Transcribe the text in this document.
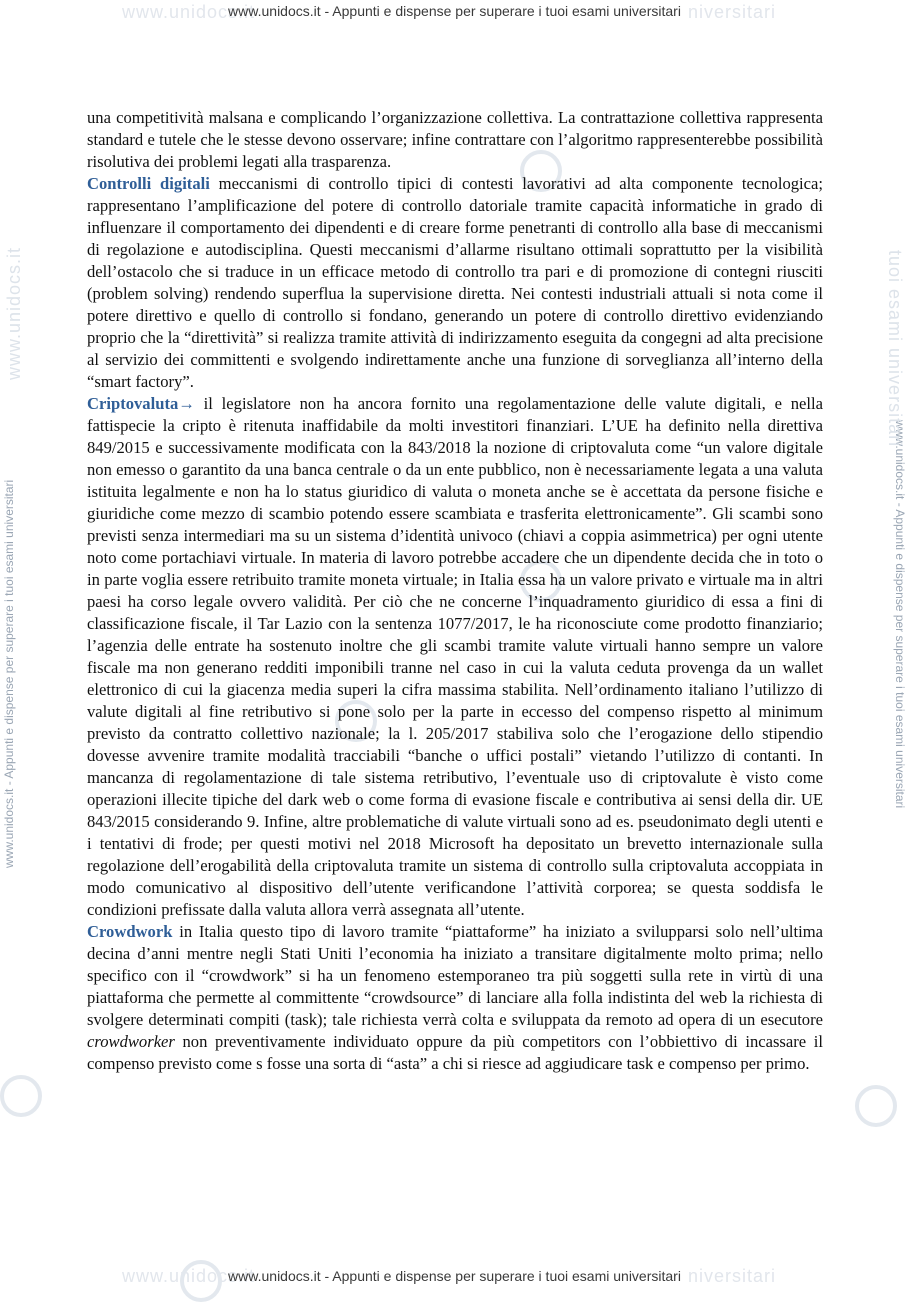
www.unidocs.it	niversitari
www.unidocs.it - Appunti e dispense per superare i tuoi esami universitari
www.unidocs.it	niversitari
www.unidocs.it - Appunti e dispense per superare i tuoi esami universitari
www.unidocs.it - Appunti e dispense per superare i tuoi esami universitari
www.unidocs.it
www.unidocs.it - Appunti e dispense per superare i tuoi esami universitari
tuoi esami universitari

una competitività malsana e complicando l’organizzazione collettiva. La contrattazione collettiva rappresenta standard e tutele che le stesse devono osservare; infine contrattare con l’algoritmo rappresenterebbe possibilità risolutiva dei problemi legati alla trasparenza.

Controlli digitali meccanismi di controllo tipici di contesti lavorativi ad alta componente tecnologica; rappresentano l’amplificazione del potere di controllo datoriale tramite capacità informatiche in grado di influenzare il comportamento dei dipendenti e di creare forme penetranti di controllo alla base di meccanismi di regolazione e autodisciplina. Questi meccanismi d’allarme risultano ottimali soprattutto per la visibilità dell’ostacolo che si traduce in un efficace metodo di controllo tra pari e di promozione di contegni riusciti (problem solving) rendendo superflua la supervisione diretta. Nei contesti industriali attuali si nota come il potere direttivo e quello di controllo si fondano, generando un potere di controllo direttivo evidenziando proprio che la “direttività” si realizza tramite attività di indirizzamento eseguita da congegni ad alta precisione al servizio dei committenti e svolgendo indirettamente anche una funzione di sorveglianza all’interno della “smart factory”.

Criptovaluta→ il legislatore non ha ancora fornito una regolamentazione delle valute digitali, e nella fattispecie la cripto è ritenuta inaffidabile da molti investitori finanziari. L’UE ha definito nella direttiva 849/2015 e successivamente modificata con la 843/2018 la nozione di criptovaluta come “un valore digitale non emesso o garantito da una banca centrale o da un ente pubblico, non è necessariamente legata a una valuta istituita legalmente e non ha lo status giuridico di valuta o moneta anche se è accettata da persone fisiche e giuridiche come mezzo di scambio potendo essere scambiata e trasferita elettronicamente”. Gli scambi sono previsti senza intermediari ma su un sistema d’identità univoco (chiavi a coppia asimmetrica) per ogni utente noto come portachiavi virtuale. In materia di lavoro potrebbe accadere che un dipendente decida che in toto o in parte voglia essere retribuito tramite moneta virtuale; in Italia essa ha un valore privato e virtuale ma in altri paesi ha corso legale ovvero validità. Per ciò che ne concerne l’inquadramento giuridico di essa a fini di classificazione fiscale, il Tar Lazio con la sentenza 1077/2017, le ha riconosciute come prodotto finanziario; l’agenzia delle entrate ha sostenuto inoltre che gli scambi tramite valute virtuali hanno sempre un valore fiscale ma non generano redditi imponibili tranne nel caso in cui la valuta ceduta provenga da un wallet elettronico di cui la giacenza media superi la cifra massima stabilita. Nell’ordinamento italiano l’utilizzo di valute digitali al fine retributivo si pone solo per la parte in eccesso del compenso rispetto al minimum previsto da contratto collettivo nazionale; la l. 205/2017 stabiliva solo che l’erogazione dello stipendio dovesse avvenire tramite modalità tracciabili “banche o uffici postali” vietando l’utilizzo di contanti. In mancanza di regolamentazione di tale sistema retributivo, l’eventuale uso di criptovalute è visto come operazioni illecite tipiche del dark web o come forma di evasione fiscale e contributiva ai sensi della dir. UE 843/2015 considerando 9. Infine, altre problematiche di valute virtuali sono ad es. pseudonimato degli utenti e i tentativi di frode; per questi motivi nel 2018 Microsoft ha depositato un brevetto internazionale sulla regolazione dell’erogabilità della criptovaluta tramite un sistema di controllo sulla criptovaluta accoppiata in modo comunicativo al dispositivo dell’utente verificandone l’attività corporea; se questa soddisfa le condizioni prefissate dalla valuta allora verrà assegnata all’utente.

Crowdwork in Italia questo tipo di lavoro tramite “piattaforme” ha iniziato a svilupparsi solo nell’ultima decina d’anni mentre negli Stati Uniti l’economia ha iniziato a transitare digitalmente molto prima; nello specifico con il “crowdwork” si ha un fenomeno estemporaneo tra più soggetti sulla rete in virtù di una piattaforma che permette al committente “crowdsource” di lanciare alla folla indistinta del web la richiesta di svolgere determinati compiti (task); tale richiesta verrà colta e sviluppata da remoto ad opera di un esecutore crowdworker non preventivamente individuato oppure da più competitors con l’obbiettivo di incassare il compenso previsto come s fosse una sorta di “asta” a chi si riesce ad aggiudicare task e compenso per primo.
